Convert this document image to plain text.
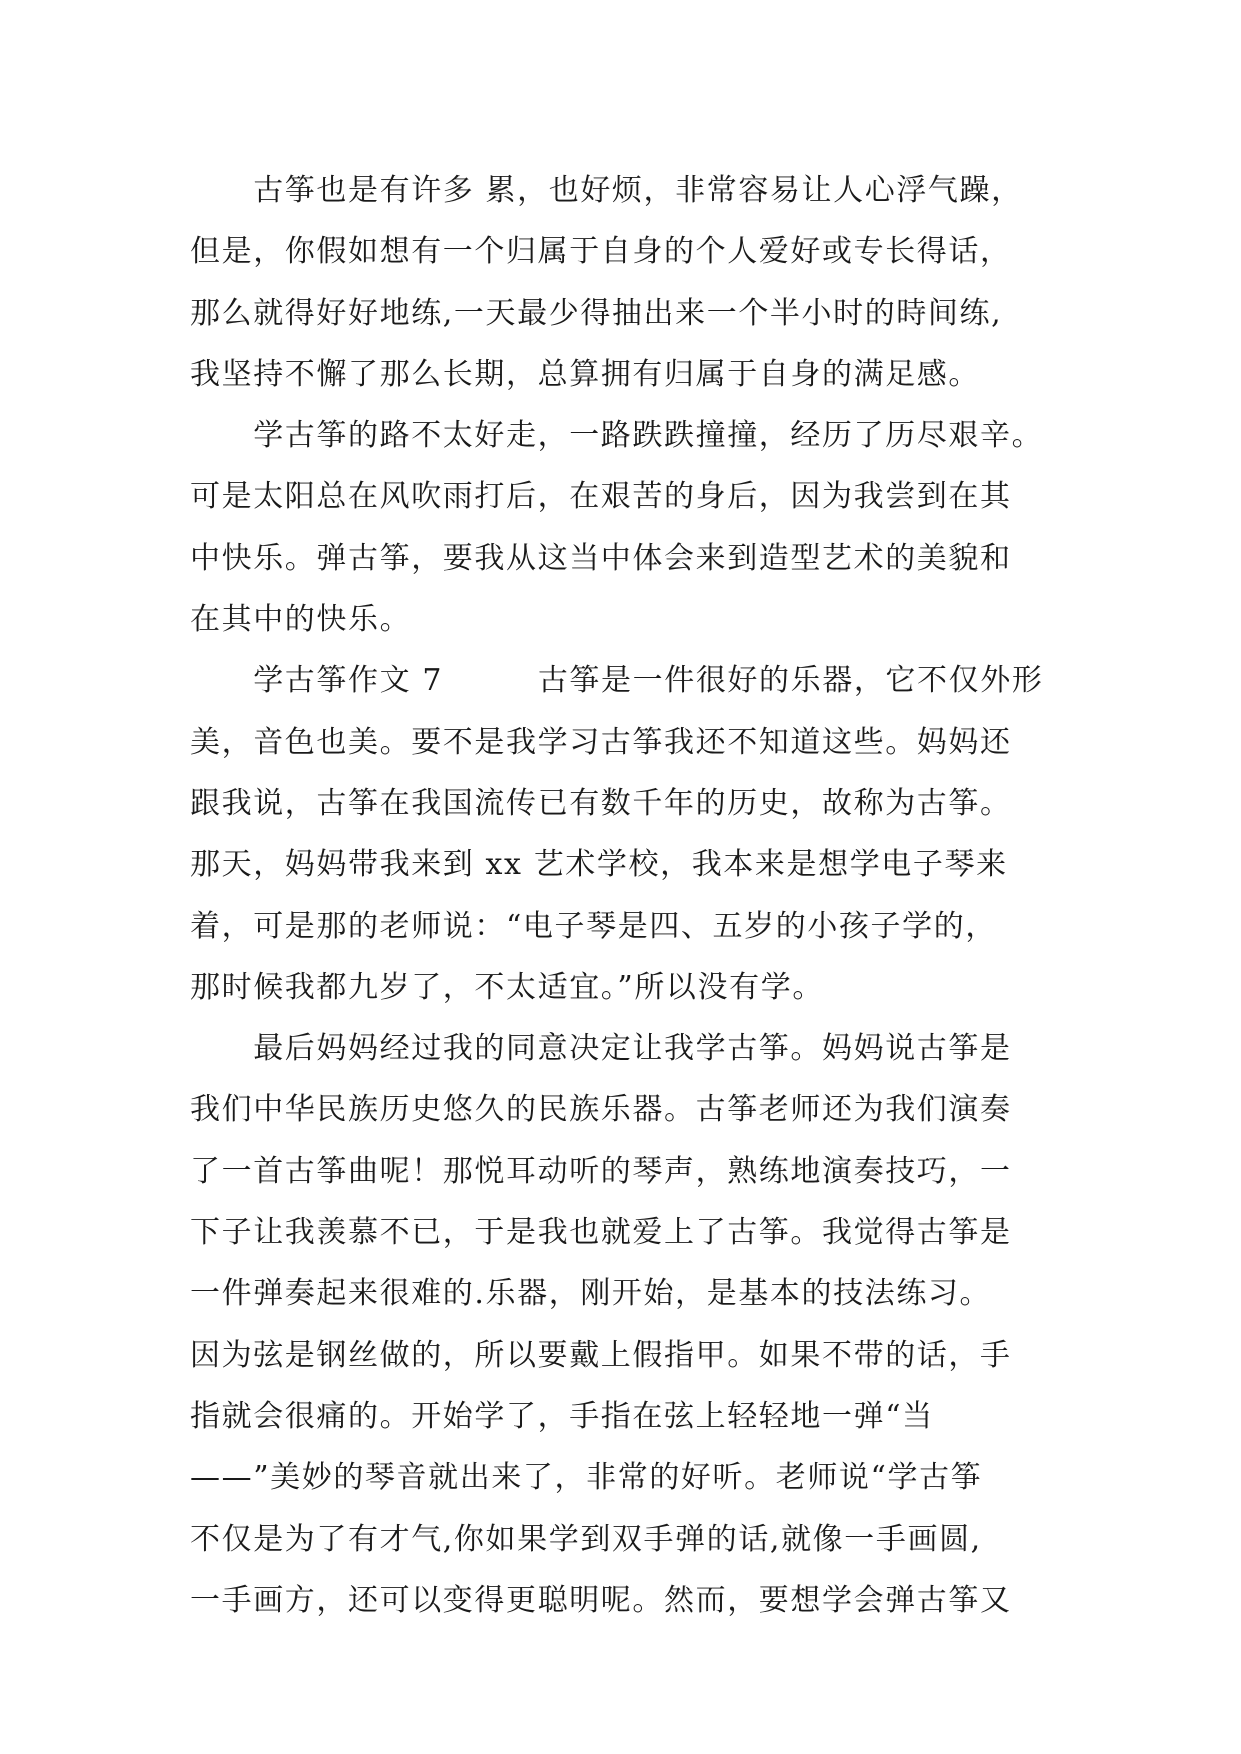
　　古筝也是有许多 累，也好烦，非常容易让人心浮气躁，
但是，你假如想有一个归属于自身的个人爱好或专长得话，
那么就得好好地练,一天最少得抽出来一个半小时的時间练,
我坚持不懈了那么长期，总算拥有归属于自身的满足感。
　　学古筝的路不太好走，一路跌跌撞撞，经历了历尽艰辛。
可是太阳总在风吹雨打后，在艰苦的身后，因为我尝到在其
中快乐。弹古筝，要我从这当中体会来到造型艺术的美貌和
在其中的快乐。
　　学古筝作文 7　　　古筝是一件很好的乐器，它不仅外形
美，音色也美。要不是我学习古筝我还不知道这些。妈妈还
跟我说，古筝在我国流传已有数千年的历史，故称为古筝。
那天，妈妈带我来到 xx 艺术学校，我本来是想学电子琴来
着，可是那的老师说：“电子琴是四、五岁的小孩子学的，
那时候我都九岁了，不太适宜。”所以没有学。
　　最后妈妈经过我的同意决定让我学古筝。妈妈说古筝是
我们中华民族历史悠久的民族乐器。古筝老师还为我们演奏
了一首古筝曲呢！那悦耳动听的琴声，熟练地演奏技巧，一
下子让我羡慕不已，于是我也就爱上了古筝。我觉得古筝是
一件弹奏起来很难的.乐器，刚开始，是基本的技法练习。
因为弦是钢丝做的，所以要戴上假指甲。如果不带的话，手
指就会很痛的。开始学了，手指在弦上轻轻地一弹“当
——”美妙的琴音就出来了，非常的好听。老师说“学古筝
不仅是为了有才气,你如果学到双手弹的话,就像一手画圆,
一手画方，还可以变得更聪明呢。然而，要想学会弹古筝又
